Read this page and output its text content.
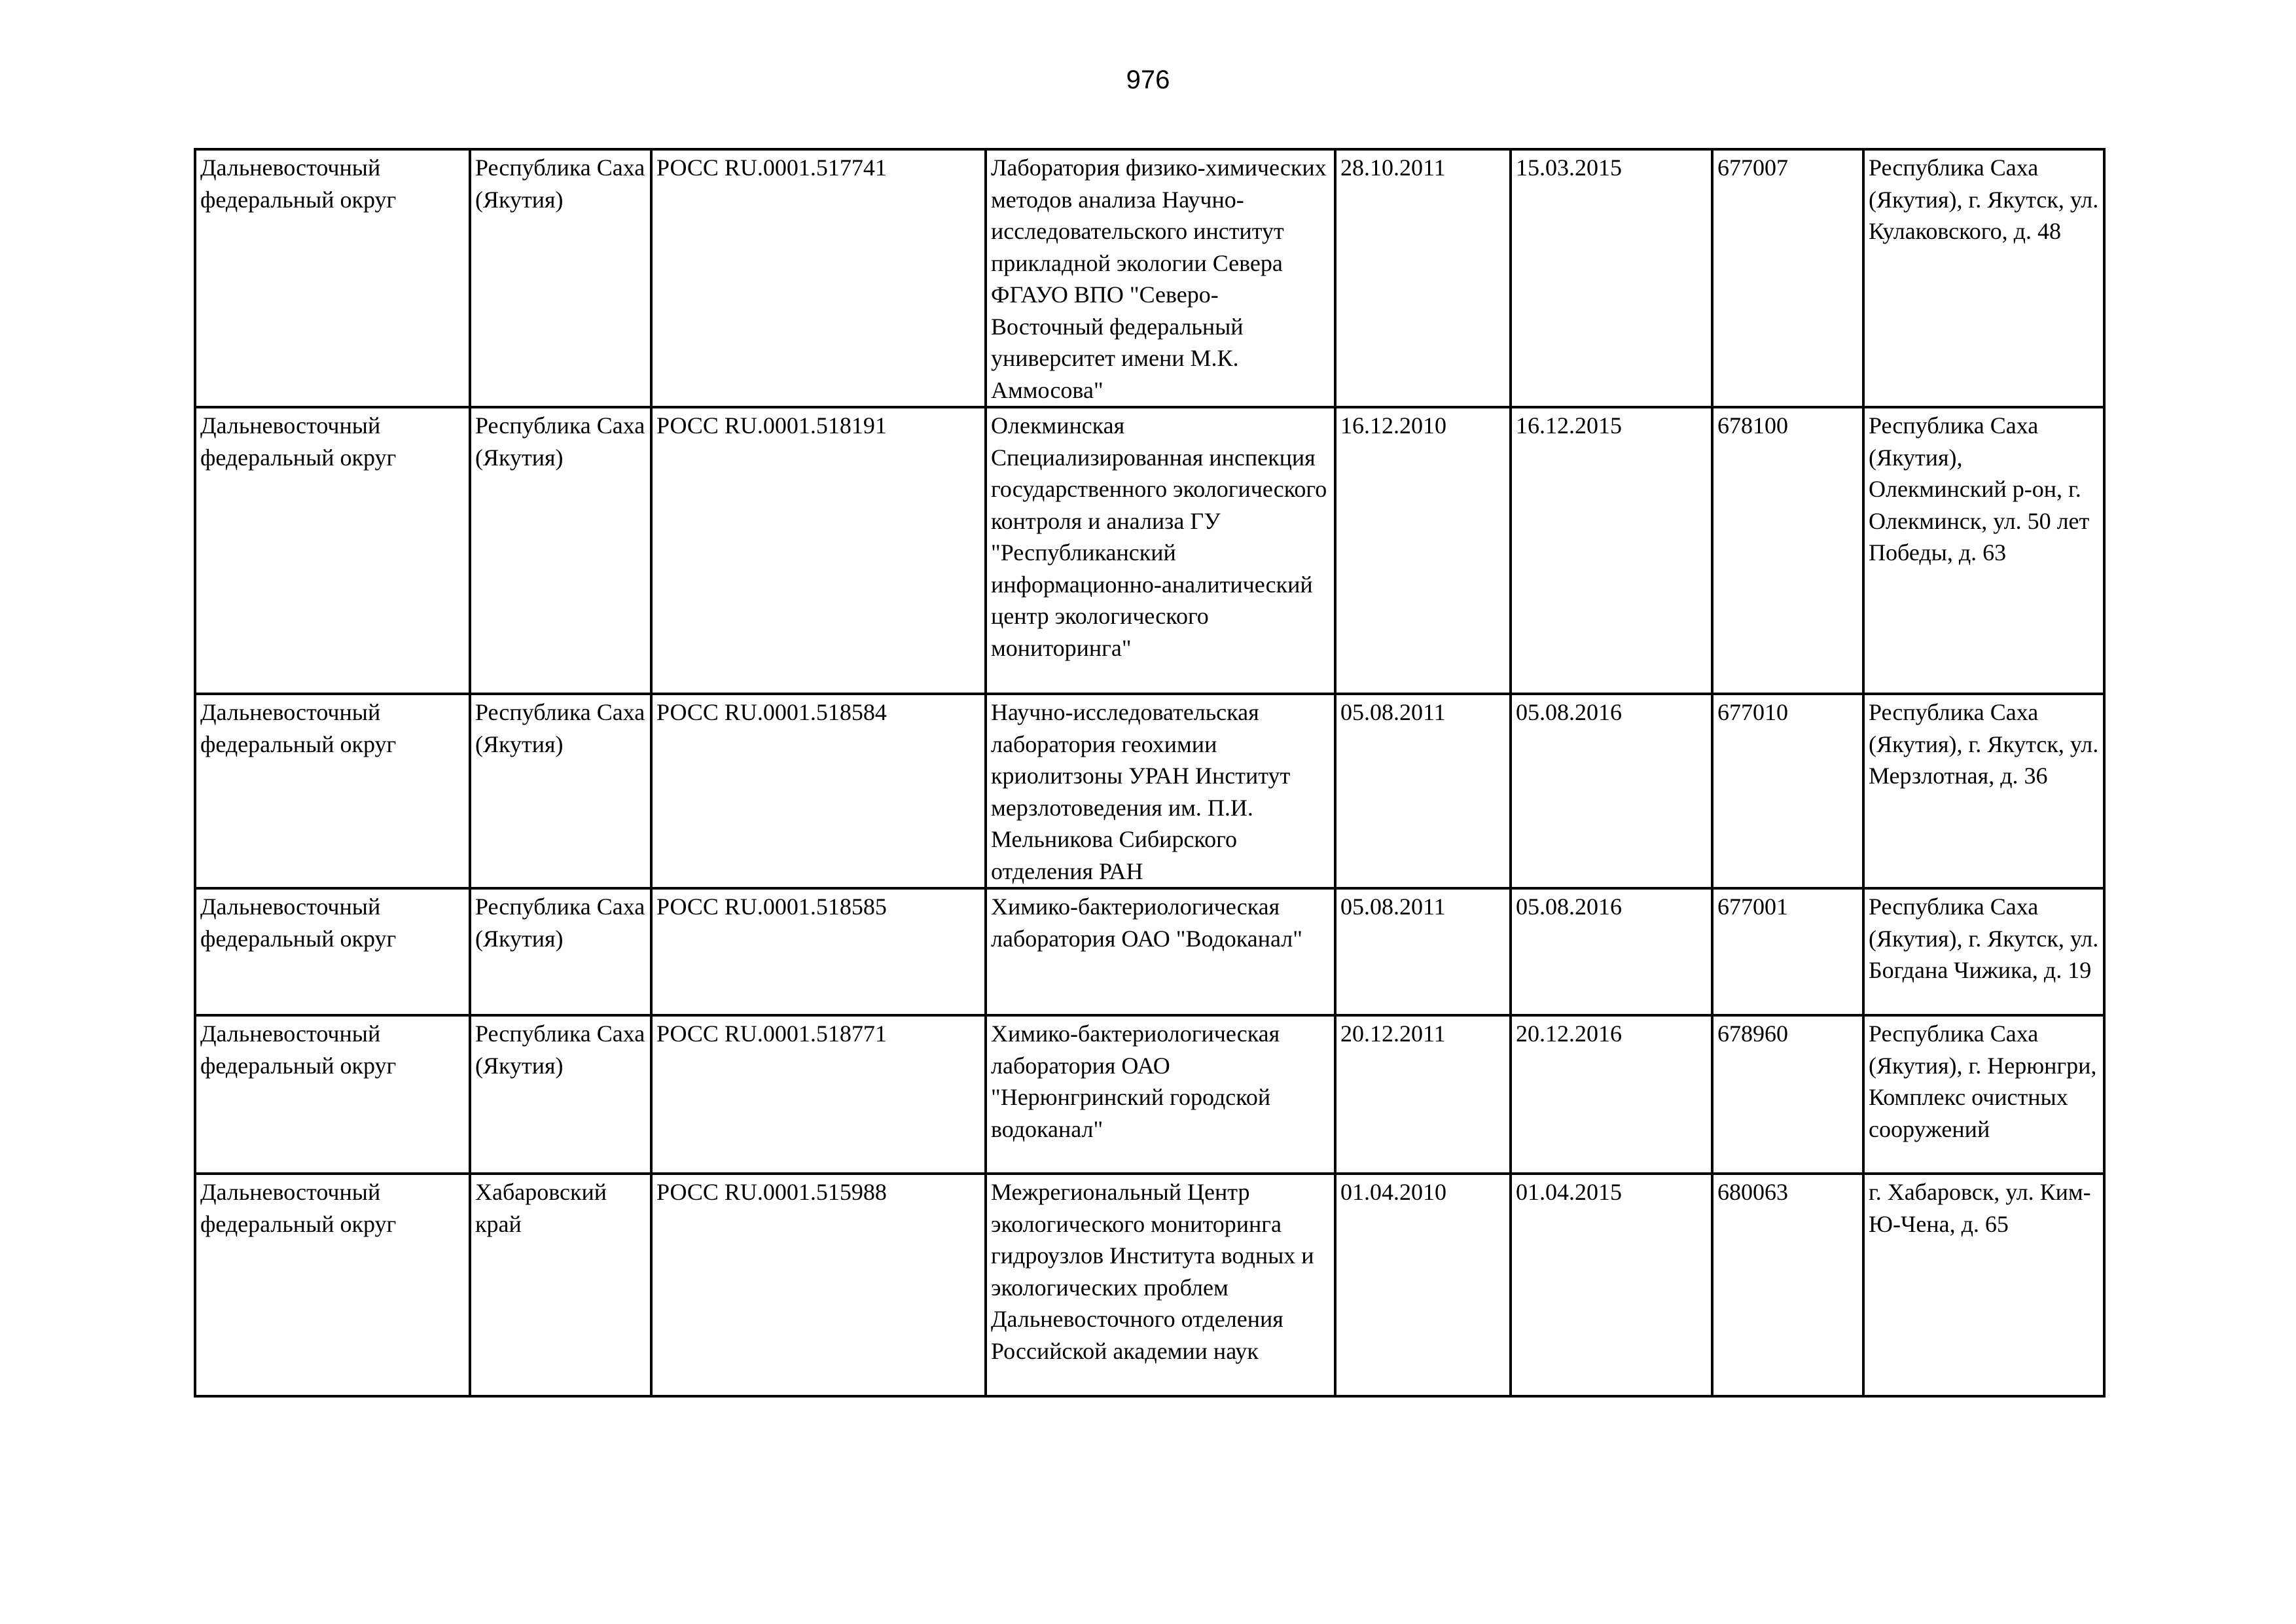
976
Дальневосточный федеральный округ	Республика Саха (Якутия)	РОСС RU.0001.517741	Лаборатория физико-химических методов анализа Научно-исследовательского институт прикладной экологии Севера ФГАУО ВПО "Северо-Восточный федеральный университет имени М.К. Аммосова"	28.10.2011	15.03.2015	677007	Республика Саха (Якутия), г. Якутск, ул. Кулаковского, д. 48
Дальневосточный федеральный округ	Республика Саха (Якутия)	РОСС RU.0001.518191	Олекминская Специализированная инспекция государственного экологического контроля и анализа ГУ "Республиканский информационно-аналитический центр экологического мониторинга"	16.12.2010	16.12.2015	678100	Республика Саха (Якутия), Олекминский р-он, г. Олекминск, ул. 50 лет Победы, д. 63
Дальневосточный федеральный округ	Республика Саха (Якутия)	РОСС RU.0001.518584	Научно-исследовательская лаборатория геохимии криолитзоны УРАН Институт мерзлотоведения им. П.И. Мельникова Сибирского отделения РАН	05.08.2011	05.08.2016	677010	Республика Саха (Якутия), г. Якутск, ул. Мерзлотная, д. 36
Дальневосточный федеральный округ	Республика Саха (Якутия)	РОСС RU.0001.518585	Химико-бактериологическая лаборатория ОАО "Водоканал"	05.08.2011	05.08.2016	677001	Республика Саха (Якутия), г. Якутск, ул. Богдана Чижика, д. 19
Дальневосточный федеральный округ	Республика Саха (Якутия)	РОСС RU.0001.518771	Химико-бактериологическая лаборатория ОАО "Нерюнгринский городской водоканал"	20.12.2011	20.12.2016	678960	Республика Саха (Якутия), г. Нерюнгри, Комплекс очистных сооружений
Дальневосточный федеральный округ	Хабаровский край	РОСС RU.0001.515988	Межрегиональный Центр экологического мониторинга гидроузлов Института водных и экологических проблем Дальневосточного отделения Российской академии наук	01.04.2010	01.04.2015	680063	г. Хабаровск, ул. Ким-Ю-Чена, д. 65
